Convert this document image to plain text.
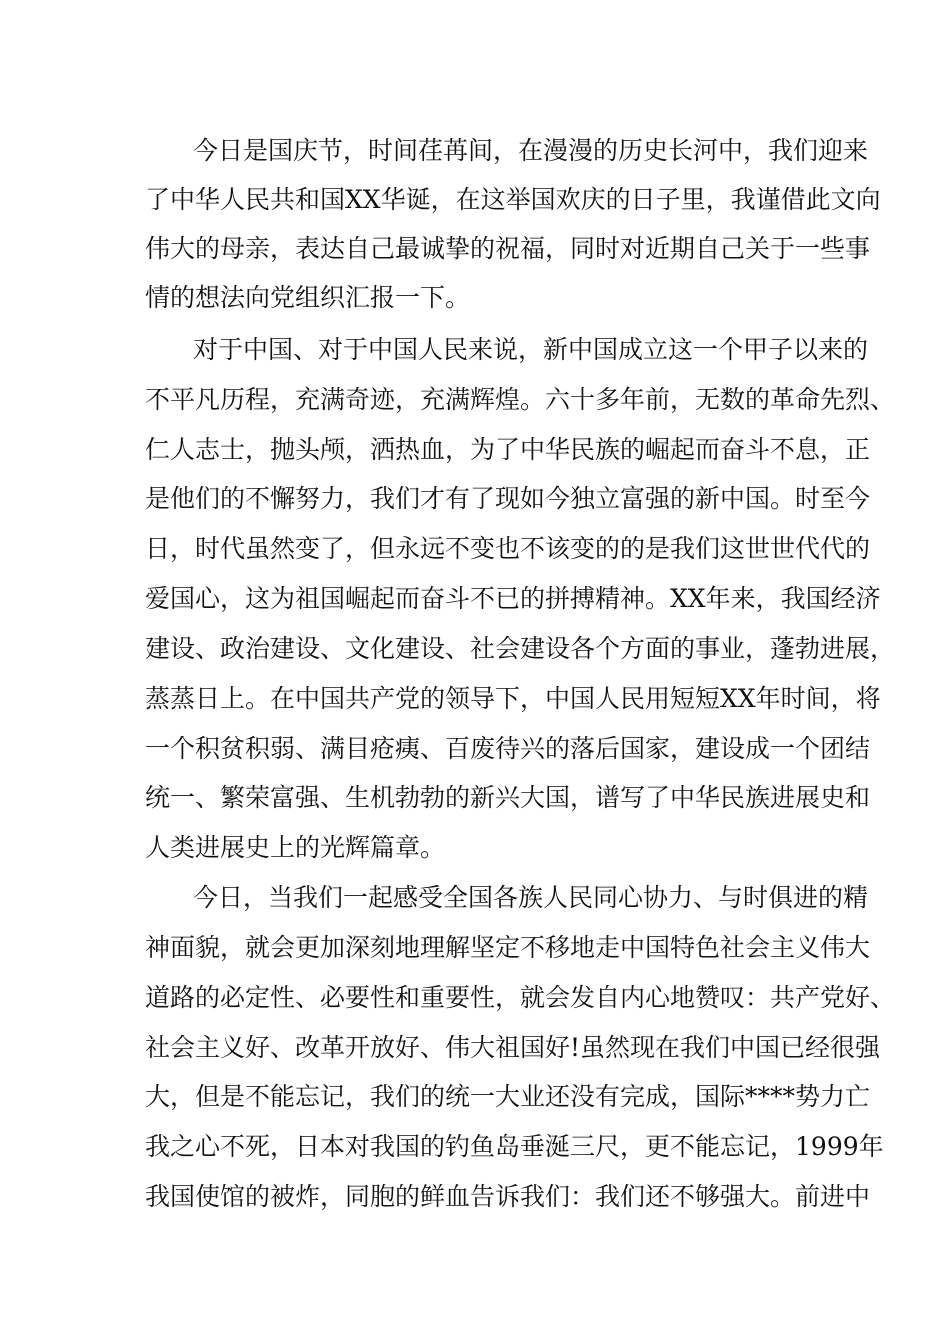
今日是国庆节，时间荏苒间，在漫漫的历史长河中，我们迎来
了中华人民共和国XX华诞，在这举国欢庆的日子里，我谨借此文向
伟大的母亲，表达自己最诚挚的祝福，同时对近期自己关于一些事
情的想法向党组织汇报一下。
对于中国、对于中国人民来说，新中国成立这一个甲子以来的
不平凡历程，充满奇迹，充满辉煌。六十多年前，无数的革命先烈、
仁人志士，抛头颅，洒热血，为了中华民族的崛起而奋斗不息，正
是他们的不懈努力，我们才有了现如今独立富强的新中国。时至今
日，时代虽然变了，但永远不变也不该变的的是我们这世世代代的
爱国心，这为祖国崛起而奋斗不已的拼搏精神。XX年来，我国经济
建设、政治建设、文化建设、社会建设各个方面的事业，蓬勃进展，
蒸蒸日上。在中国共产党的领导下，中国人民用短短XX年时间，将
一个积贫积弱、满目疮痍、百废待兴的落后国家，建设成一个团结
统一、繁荣富强、生机勃勃的新兴大国，谱写了中华民族进展史和
人类进展史上的光辉篇章。
今日，当我们一起感受全国各族人民同心协力、与时俱进的精
神面貌，就会更加深刻地理解坚定不移地走中国特色社会主义伟大
道路的必定性、必要性和重要性，就会发自内心地赞叹：共产党好、
社会主义好、改革开放好、伟大祖国好!虽然现在我们中国已经很强
大，但是不能忘记，我们的统一大业还没有完成，国际****势力亡
我之心不死，日本对我国的钓鱼岛垂涎三尺，更不能忘记，1999年
我国使馆的被炸，同胞的鲜血告诉我们：我们还不够强大。前进中
